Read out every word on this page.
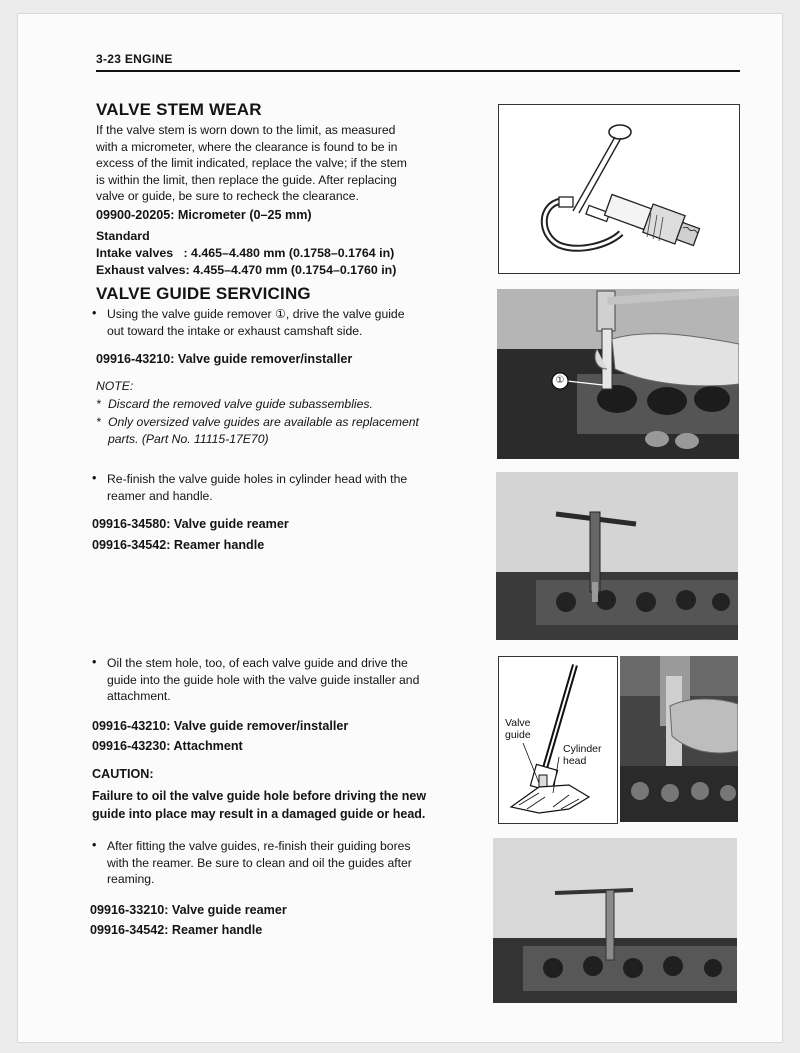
3-23 ENGINE
VALVE STEM WEAR
If the valve stem is worn down to the limit, as measured
with a micrometer, where the clearance is found to be in
excess of the limit indicated, replace the valve; if the stem
is within the limit, then replace the guide. After replacing
valve or guide, be sure to recheck the clearance.
09900-20205: Micrometer (0–25 mm)
Standard
Intake valves   : 4.465–4.480 mm (0.1758–0.1764 in)
Exhaust valves: 4.455–4.470 mm (0.1754–0.1760 in)
VALVE GUIDE SERVICING
• Using the valve guide remover ①, drive the valve guide
out toward the intake or exhaust camshaft side.
09916-43210: Valve guide remover/installer
NOTE:
* Discard the removed valve guide subassemblies.
* Only oversized valve guides are available as replacement
parts. (Part No. 11115-17E70)
• Re-finish the valve guide holes in cylinder head with the
reamer and handle.
09916-34580: Valve guide reamer
09916-34542: Reamer handle
• Oil the stem hole, too, of each valve guide and drive the
guide into the guide hole with the valve guide installer and
attachment.
09916-43210: Valve guide remover/installer
09916-43230: Attachment
CAUTION:
Failure to oil the valve guide hole before driving the new
guide into place may result in a damaged guide or head.
• After fitting the valve guides, re-finish their guiding bores
with the reamer. Be sure to clean and oil the guides after
reaming.
09916-33210: Valve guide reamer
09916-34542: Reamer handle
①
Valve
guide
Cylinder
head
